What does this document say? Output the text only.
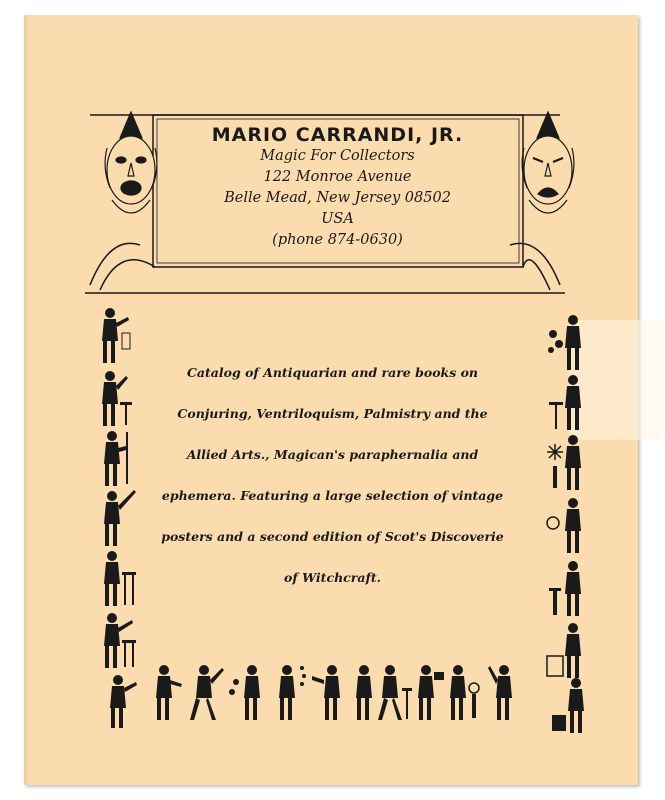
MARIO CARRANDI, JR.
Magic For Collectors
122 Monroe Avenue
Belle Mead, New Jersey 08502
USA
(phone 874-0630)
Catalog of Antiquarian and rare books on
Conjuring, Ventriloquism, Palmistry and the
Allied Arts., Magican's paraphernalia and
ephemera. Featuring a large selection of vintage
posters and a second edition of Scot's Discoverie
of Witchcraft.
